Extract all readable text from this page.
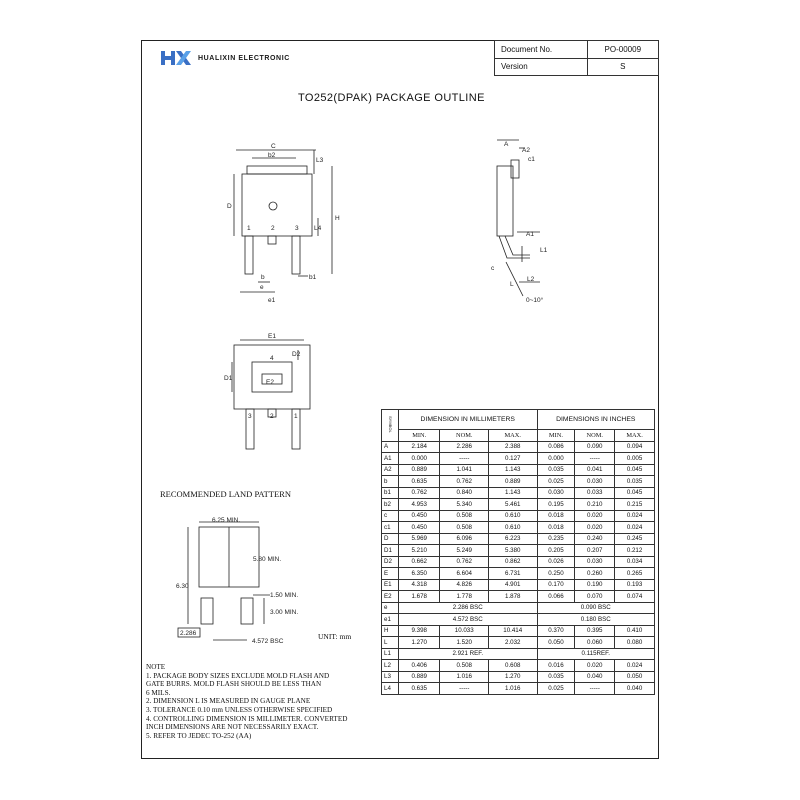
HUALIXIN ELECTRONIC
Document No.	PO-00009
Version	S
TO252(DPAK) PACKAGE OUTLINE
C
b2
L3
D
H
L4
1	2	3
b	b1
e
e1
A
A2
c1
A1
c
L1
L
L2
0~10°
E1
D2
D1
E2
4
3	2	1
6.25 MIN.
5.80 MIN.
6.30
1.50 MIN.
3.00 MIN.
2.286
4.572 BSC
RECOMMENDED LAND PATTERN
UNIT: mm
NOTE
1. PACKAGE BODY SIZES EXCLUDE MOLD FLASH AND
GATE BURRS. MOLD FLASH SHOULD BE LESS THAN
6 MILS.
2. DIMENSION L IS MEASURED IN GAUGE PLANE
3. TOLERANCE 0.10 mm UNLESS OTHERWISE SPECIFIED
4. CONTROLLING DIMENSION IS MILLIMETER. CONVERTED
INCH DIMENSIONS ARE NOT NECESSARILY EXACT.
5. REFER TO JEDEC TO-252 (AA)
SYMBOL	DIMENSION IN MILLIMETERS			DIMENSIONS IN INCHES		
	MIN.	NOM.	MAX.	MIN.	NOM.	MAX.
A	2.184	2.286	2.388	0.086	0.090	0.094
A1	0.000	-----	0.127	0.000	-----	0.005
A2	0.889	1.041	1.143	0.035	0.041	0.045
b	0.635	0.762	0.889	0.025	0.030	0.035
b1	0.762	0.840	1.143	0.030	0.033	0.045
b2	4.953	5.340	5.461	0.195	0.210	0.215
c	0.450	0.508	0.610	0.018	0.020	0.024
c1	0.450	0.508	0.610	0.018	0.020	0.024
D	5.969	6.096	6.223	0.235	0.240	0.245
D1	5.210	5.249	5.380	0.205	0.207	0.212
D2	0.662	0.762	0.862	0.026	0.030	0.034
E	6.350	6.604	6.731	0.250	0.260	0.265
E1	4.318	4.826	4.901	0.170	0.190	0.193
E2	1.678	1.778	1.878	0.066	0.070	0.074
e	2.286 BSC			0.090 BSC		
e1	4.572 BSC			0.180 BSC		
H	9.398	10.033	10.414	0.370	0.395	0.410
L	1.270	1.520	2.032	0.050	0.060	0.080
L1	2.921 REF.			0.115REF.		
L2	0.406	0.508	0.608	0.016	0.020	0.024
L3	0.889	1.016	1.270	0.035	0.040	0.050
L4	0.635	-----	1.016	0.025	-----	0.040
